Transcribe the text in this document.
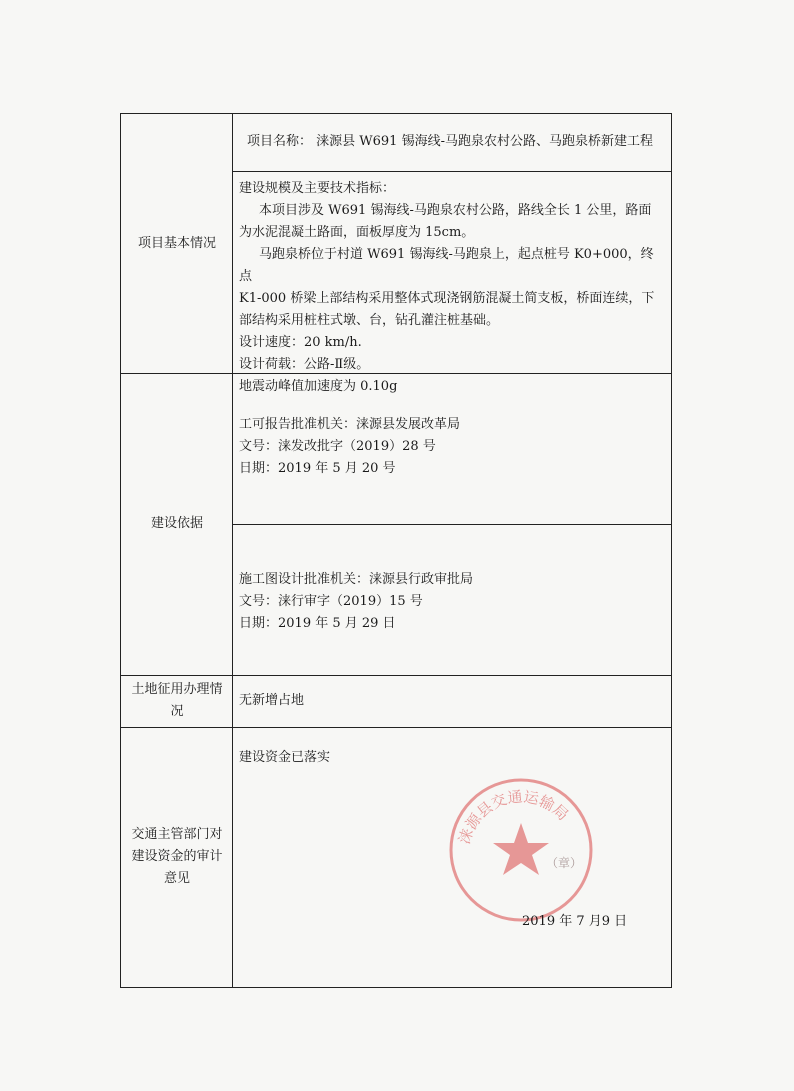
项目基本情况
项目名称： 涞源县 W691 锡海线-马跑泉农村公路、马跑泉桥新建工程
建设规模及主要技术指标：
本项目涉及 W691 锡海线-马跑泉农村公路，路线全长 1 公里，路面
为水泥混凝土路面，面板厚度为 15cm。
马跑泉桥位于村道 W691 锡海线-马跑泉上，起点桩号 K0+000，终点
K1-000 桥梁上部结构采用整体式现浇钢筋混凝土简支板，桥面连续，下
部结构采用桩柱式墩、台，钻孔灌注桩基础。
设计速度：20 km/h.
设计荷载：公路-Ⅱ级。
地震动峰值加速度为 0.10g
建设依据
工可报告批准机关：涞源县发展改革局
文号：涞发改批字（2019）28 号
日期：2019 年 5 月 20 号
施工图设计批准机关：涞源县行政审批局
文号：涞行审字（2019）15 号
日期：2019 年 5 月 29 日
土地征用办理情
况
无新增占地
交通主管部门对
建设资金的审计
意见
建设资金已落实
涞源县交通运输局
（章）
2019 年 7 月9 日
